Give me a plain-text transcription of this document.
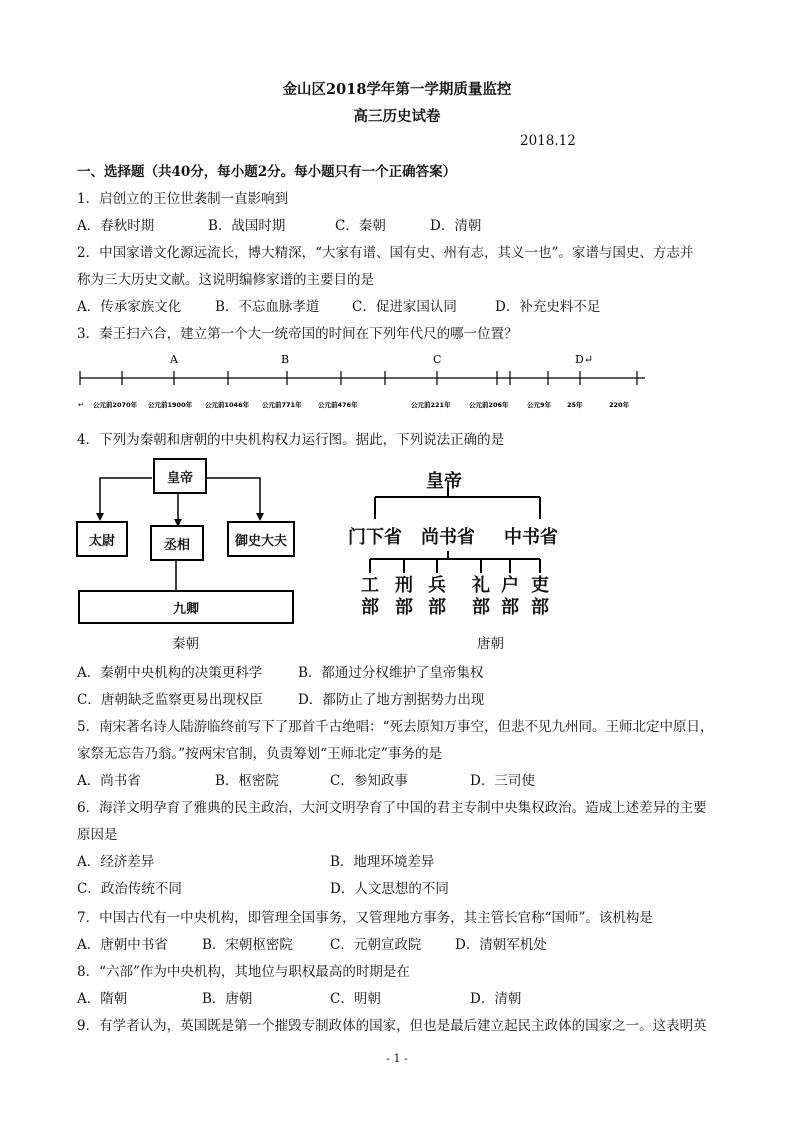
金山区2018学年第一学期质量监控
高三历史试卷
2018.12
一、选择题（共40分，每小题2分。每小题只有一个正确答案）
1．启创立的王位世袭制一直影响到
A．春秋时期	B．战国时期	C．秦朝	D．清朝
2．中国家谱文化源远流长，博大精深，“大家有谱、国有史、州有志，其义一也”。家谱与国史、方志并
称为三大历史文献。这说明编修家谱的主要目的是
A．传承家族文化	B．不忘血脉孝道 C．促进家国认同	D．补充史料不足
3．秦王扫六合，建立第一个大一统帝国的时间在下列年代尺的哪一位置？
A	B	C	D↵
↵ 公元前2070年 公元前1900年 公元前1046年 公元前771年	公元前476年	公元前221年	公元前206年	公元9年 25年	220年
4．下列为秦朝和唐朝的中央机构权力运行图。据此，下列说法正确的是
皇帝
太尉	丞相	御史大夫
九卿
秦朝
皇帝
门下省 尚书省 中书省
工
部
刑
部
兵
部
礼
部
户
部
吏
部
唐朝
A．秦朝中央机构的决策更科学	B．都通过分权维护了皇帝集权
C．唐朝缺乏监察更易出现权臣	D．都防止了地方割据势力出现
5．南宋著名诗人陆游临终前写下了那首千古绝唱：“死去原知万事空，但悲不见九州同。王师北定中原日，
家祭无忘告乃翁。”按两宋官制，负责筹划“王师北定”事务的是
A．尚书省	B．枢密院	C．参知政事	D．三司使
6．海洋文明孕育了雅典的民主政治，大河文明孕育了中国的君主专制中央集权政治。造成上述差异的主要
原因是
A．经济差异	B．地理环境差异
C．政治传统不同	D．人文思想的不同
7．中国古代有一中央机构，即管理全国事务，又管理地方事务，其主管长官称“国师”。该机构是
A．唐朝中书省	B．宋朝枢密院	C．元朝宣政院 D．清朝军机处
8．“六部”作为中央机构，其地位与职权最高的时期是在
A．隋朝	B．唐朝	C．明朝	D．清朝
9．有学者认为，英国既是第一个摧毁专制政体的国家，但也是最后建立起民主政体的国家之一。这表明英
- 1 -
